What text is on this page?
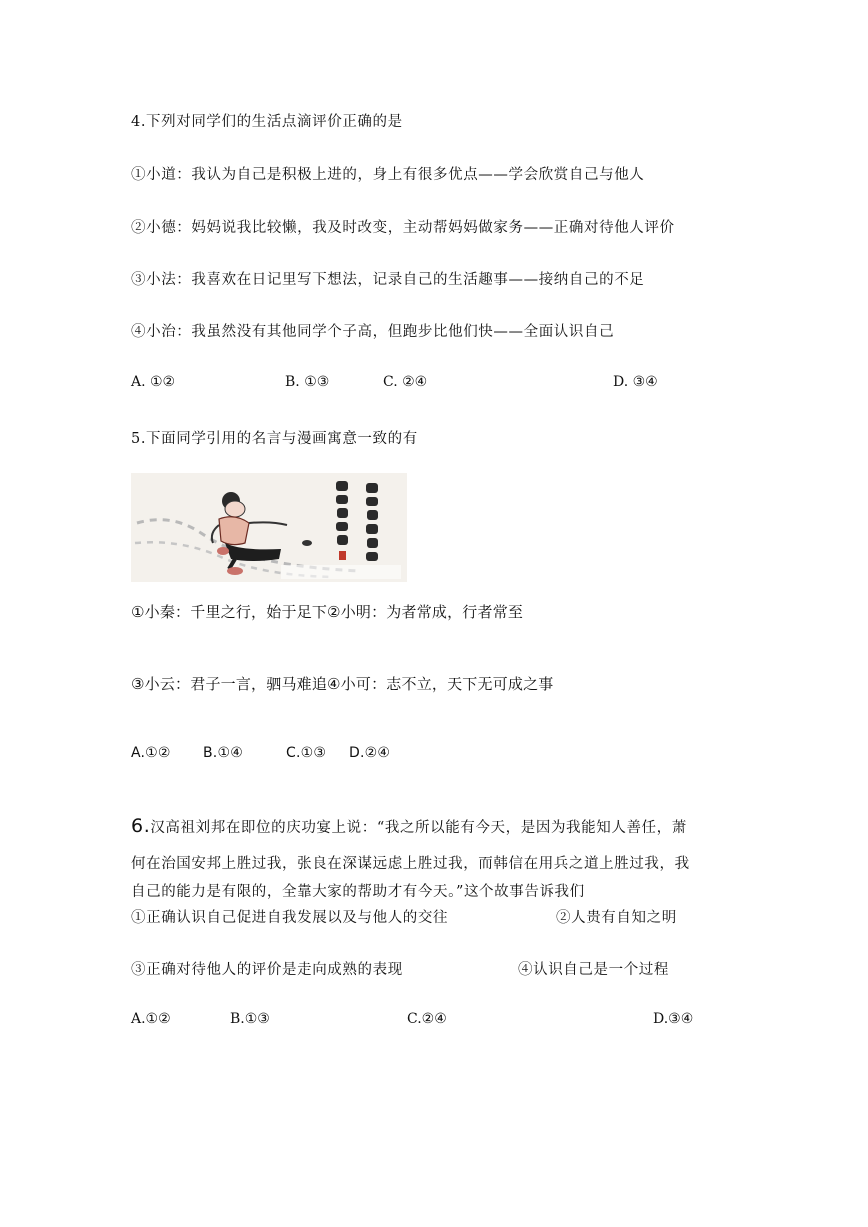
4.下列对同学们的生活点滴评价正确的是
①小道：我认为自己是积极上进的，身上有很多优点——学会欣赏自己与他人
②小德：妈妈说我比较懒，我及时改变，主动帮妈妈做家务——正确对待他人评价
③小法：我喜欢在日记里写下想法，记录自己的生活趣事——接纳自己的不足
④小治：我虽然没有其他同学个子高，但跑步比他们快——全面认识自己
A. ①②	B. ①③	C. ②④	D. ③④
5.下面同学引用的名言与漫画寓意一致的有
①小秦：千里之行，始于足下②小明：为者常成，行者常至
③小云：君子一言，驷马难追④小可：志不立，天下无可成之事
A.①② B.①④	C.①③ D.②④
6.汉高祖刘邦在即位的庆功宴上说：“我之所以能有今天，是因为我能知人善任，萧
何在治国安邦上胜过我，张良在深谋远虑上胜过我，而韩信在用兵之道上胜过我，我
自己的能力是有限的，全靠大家的帮助才有今天。”这个故事告诉我们
①正确认识自己促进自我发展以及与他人的交往	②人贵有自知之明
③正确对待他人的评价是走向成熟的表现	④认识自己是一个过程
A.①②	B.①③	C.②④	D.③④
